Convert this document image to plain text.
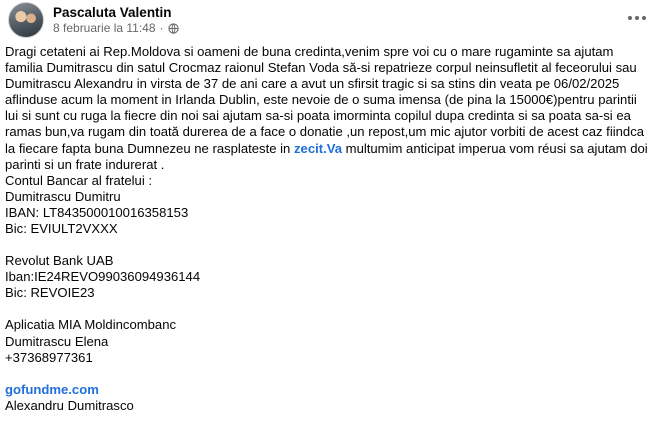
Pascaluta Valentin
8 februarie la 11:48 ·

Dragi cetateni ai Rep.Moldova si oameni de buna credinta,venim spre voi cu o mare rugaminte sa ajutam familia Dumitrascu din satul Crocmaz raionul Stefan Voda să-si repatrieze corpul neinsufletit al feceorului sau Dumitrascu Alexandru in virsta de 37 de ani care a avut un sfirsit tragic si sa stins din veata pe 06/02/2025 aflinduse acum la moment in Irlanda Dublin, este nevoie de o suma imensa (de pina la 15000€)pentru parintii lui si sunt cu ruga la fiecre din noi sai ajutam sa-si poata imorminta copilul dupa credinta si sa poata sa-si ea ramas bun,va rugam din toată durerea de a face o donatie ,un repost,um mic ajutor vorbiti de acest caz fiindca la fiecare fapta buna Dumnezeu ne rasplateste in zecit.Va multumim anticipat imperua vom réusi sa ajutam doi parinti si un frate indurerat .

Contul Bancar al fratelui :
Dumitrascu Dumitru
IBAN: LT843500010016358153
Bic: EVIULT2VXXX
Revolut Bank UAB
Iban:IE24REVO99036094936144
Bic: REVOIE23
Aplicatia MIA Moldincombanc
Dumitrascu Elena
+37368977361
gofundme.com
Alexandru Dumitrasco
